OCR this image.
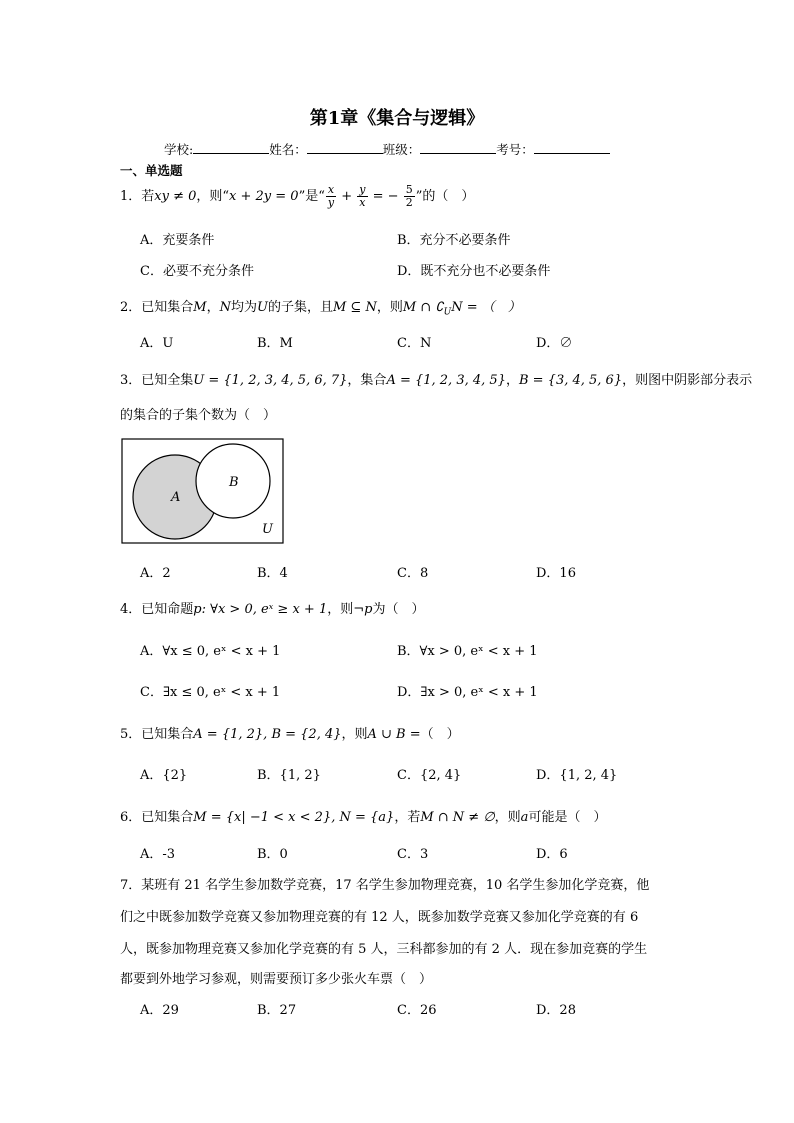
第1章《集合与逻辑》
学校:	姓名：	班级：	考号：
一、单选题
1．若xy ≠ 0，则“x + 2y = 0”是“ $\frac{x}{y} + \frac{y}{x}$ = − $\frac{5}{2}$ ”的（　）
A．充要条件	B．充分不必要条件
C．必要不充分条件	D．既不充分也不必要条件
2．已知集合M，N均为U的子集，且M ⊆ N，则M ∩ $∁_UN$ = （　）
A．U	B．M	C．N	D．∅
3．已知全集U = {1, 2, 3, 4, 5, 6, 7}，集合A = {1, 2, 3, 4, 5}，B = {3, 4, 5, 6}，则图中阴影部分表示
的集合的子集个数为（　）
A
B
U
A．2	B．4	C．8	D．16
4．已知命题p: ∀x > 0, eˣ ≥ x + 1，则¬p为（　）
A．∀x ≤ 0, eˣ < x + 1	B．∀x > 0, eˣ < x + 1
C．∃x ≤ 0, eˣ < x + 1	D．∃x > 0, eˣ < x + 1
5．已知集合A = {1, 2}, B = {2, 4}，则A ∪ B =（　）
A．{2}	B．{1, 2}	C．{2, 4}	D．{1, 2, 4}
6．已知集合M = {x| −1 < x < 2}, N = {a}，若M ∩ N ≠ ∅，则a可能是（　）
A．-3	B．0	C．3	D．6
7．某班有 21 名学生参加数学竞赛，17 名学生参加物理竞赛，10 名学生参加化学竞赛，他
们之中既参加数学竞赛又参加物理竞赛的有 12 人，既参加数学竞赛又参加化学竞赛的有 6
人，既参加物理竞赛又参加化学竞赛的有 5 人，三科都参加的有 2 人．现在参加竞赛的学生
都要到外地学习参观，则需要预订多少张火车票（　）
A．29	B．27	C．26	D．28
